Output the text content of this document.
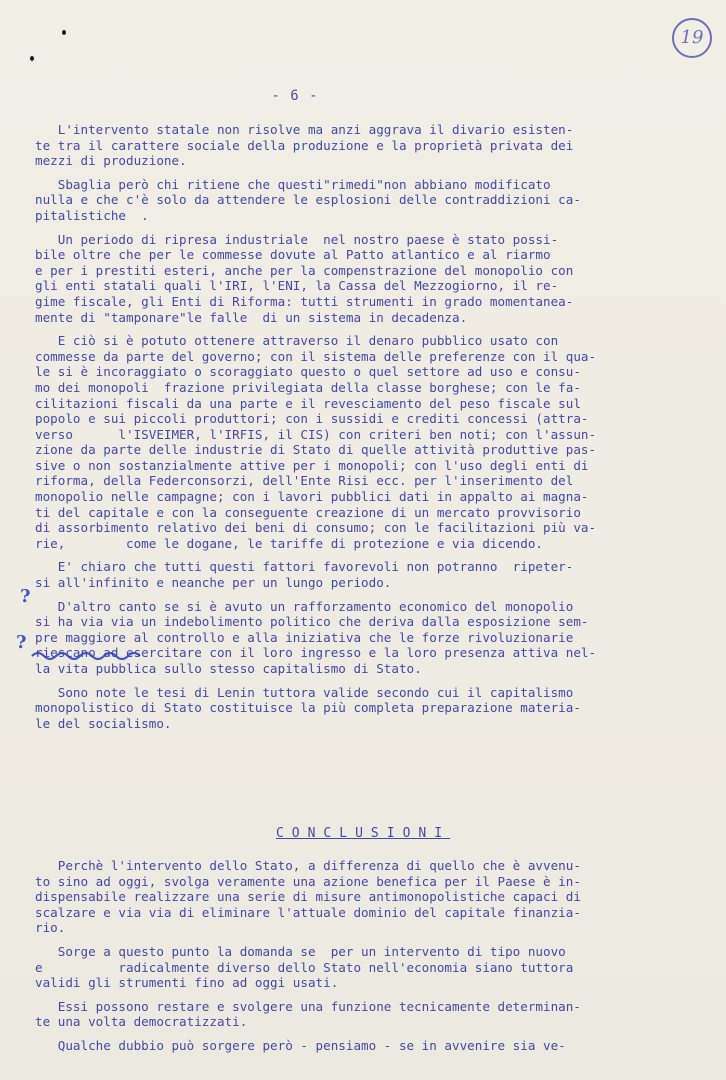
19
- 6 -
?
?

L'intervento statale non risolve ma anzi aggrava il divario esisten-
te tra il carattere sociale della produzione e la proprietà privata dei
mezzi di produzione.

Sbaglia però chi ritiene che questi"rimedi"non abbiano modificato
nulla e che c'è solo da attendere le esplosioni delle contraddizioni ca-
pitalistiche  .

Un periodo di ripresa industriale  nel nostro paese è stato possi-
bile oltre che per le commesse dovute al Patto atlantico e al riarmo
e per i prestiti esteri, anche per la compenstrazione del monopolio con
gli enti statali quali l'IRI, l'ENI, la Cassa del Mezzogiorno, il re-
gime fiscale, gli Enti di Riforma: tutti strumenti in grado momentanea-
mente di "tamponare"le falle  di un sistema in decadenza.

E ciò si è potuto ottenere attraverso il denaro pubblico usato con
commesse da parte del governo; con il sistema delle preferenze con il qua-
le si è incoraggiato o scoraggiato questo o quel settore ad uso e consu-
mo dei monopoli  frazione privilegiata della classe borghese; con le fa-
cilitazioni fiscali da una parte e il revesciamento del peso fiscale sul
popolo e sui piccoli produttori; con i sussidi e crediti concessi (attra-
verso      l'ISVEIMER, l'IRFIS, il CIS) con criteri ben noti; con l'assun-
zione da parte delle industrie di Stato di quelle attività produttive pas-
sive o non sostanzialmente attive per i monopoli; con l'uso degli enti di
riforma, della Federconsorzi, dell'Ente Risi ecc. per l'inserimento del
monopolio nelle campagne; con i lavori pubblici dati in appalto ai magna-
ti del capitale e con la conseguente creazione di un mercato provvisorio
di assorbimento relativo dei beni di consumo; con le facilitazioni più va-
rie,        come le dogane, le tariffe di protezione e via dicendo.

E' chiaro che tutti questi fattori favorevoli non potranno  ripeter-
si all'infinito e neanche per un lungo periodo.

D'altro canto se si è avuto un rafforzamento economico del monopolio
si ha via via un indebolimento politico che deriva dalla esposizione sem-
pre maggiore al controllo e alla iniziativa che le forze rivoluzionarie
riescano ad esercitare con il loro ingresso e la loro presenza attiva nel-
la vita pubblica sullo stesso capitalismo di Stato.

Sono note le tesi di Lenin tuttora valide secondo cui il capitalismo
monopolistico di Stato costituisce la più completa preparazione materia-
le del socialismo.

CONCLUSIONI

Perchè l'intervento dello Stato, a differenza di quello che è avvenu-
to sino ad oggi, svolga veramente una azione benefica per il Paese è in-
dispensabile realizzare una serie di misure antimonopolistiche capaci di
scalzare e via via di eliminare l'attuale dominio del capitale finanzia-
rio.

Sorge a questo punto la domanda se  per un intervento di tipo nuovo
e          radicalmente diverso dello Stato nell'economia siano tuttora
validi gli strumenti fino ad oggi usati.

Essi possono restare e svolgere una funzione tecnicamente determinan-
te una volta democratizzati.

Qualche dubbio può sorgere però - pensiamo - se in avvenire sia ve-
